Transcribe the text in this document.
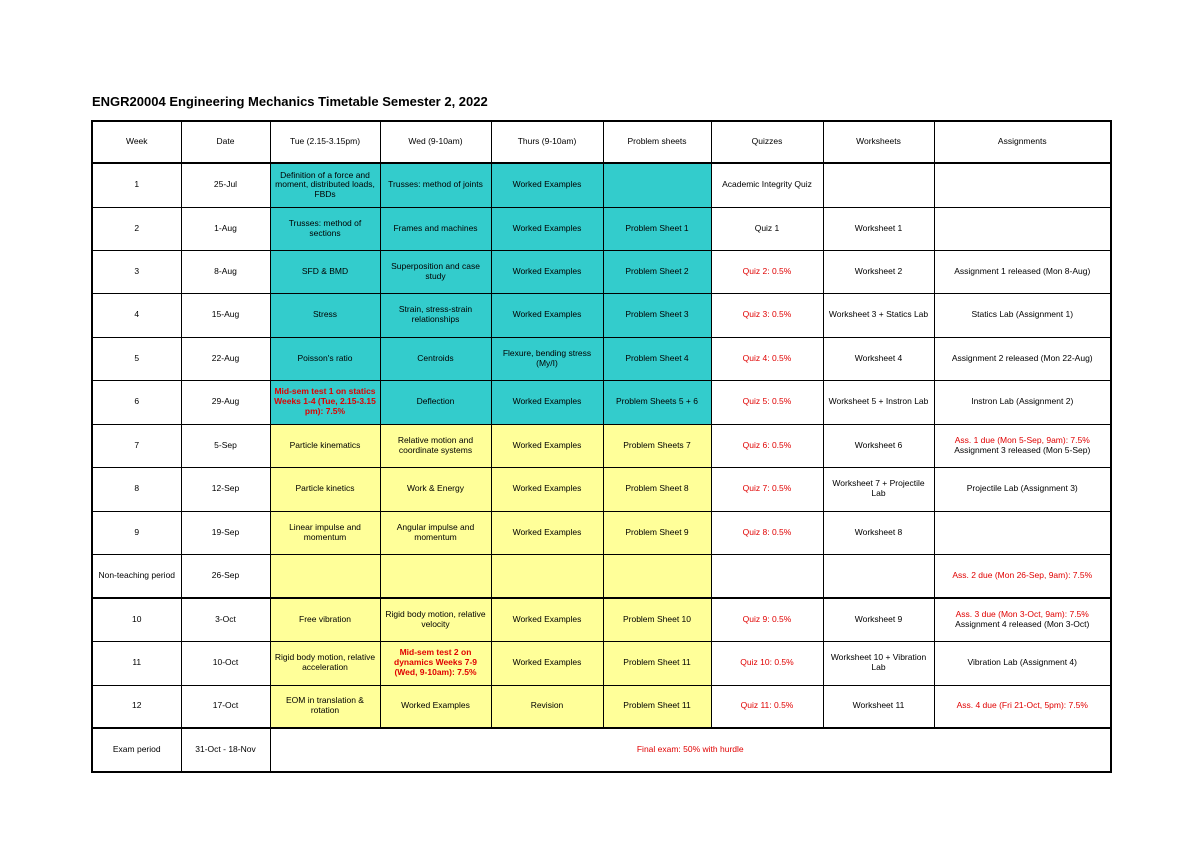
ENGR20004 Engineering Mechanics Timetable Semester 2, 2022
Week	Date	Tue (2.15-3.15pm)	Wed (9-10am)	Thurs (9-10am)	Problem sheets	Quizzes	Worksheets	Assignments
1	25-Jul	Definition of a force and moment, distributed loads, FBDs	Trusses: method of joints	Worked Examples		Academic Integrity Quiz		
2	1-Aug	Trusses: method of sections	Frames and machines	Worked Examples	Problem Sheet 1	Quiz 1	Worksheet 1	
3	8-Aug	SFD & BMD	Superposition and case study	Worked Examples	Problem Sheet 2	Quiz 2: 0.5%	Worksheet 2	Assignment 1 released (Mon 8-Aug)
4	15-Aug	Stress	Strain, stress-strain relationships	Worked Examples	Problem Sheet 3	Quiz 3: 0.5%	Worksheet 3 + Statics Lab	Statics Lab (Assignment 1)
5	22-Aug	Poisson's ratio	Centroids	Flexure, bending stress (My/I)	Problem Sheet 4	Quiz 4: 0.5%	Worksheet 4	Assignment 2 released (Mon 22-Aug)
6	29-Aug	Mid-sem test 1 on statics Weeks 1-4 (Tue, 2.15-3.15 pm): 7.5%	Deflection	Worked Examples	Problem Sheets 5 + 6	Quiz 5: 0.5%	Worksheet 5 + Instron Lab	Instron Lab (Assignment 2)
7	5-Sep	Particle kinematics	Relative motion and coordinate systems	Worked Examples	Problem Sheets 7	Quiz 6: 0.5%	Worksheet 6	Ass. 1 due (Mon 5-Sep, 9am): 7.5%
Assignment 3 released (Mon 5-Sep)
8	12-Sep	Particle kinetics	Work & Energy	Worked Examples	Problem Sheet 8	Quiz 7: 0.5%	Worksheet 7 + Projectile Lab	Projectile Lab (Assignment 3)
9	19-Sep	Linear impulse and momentum	Angular impulse and momentum	Worked Examples	Problem Sheet 9	Quiz 8: 0.5%	Worksheet 8	
Non-teaching period	26-Sep							Ass. 2 due (Mon 26-Sep, 9am): 7.5%
10	3-Oct	Free vibration	Rigid body motion, relative velocity	Worked Examples	Problem Sheet 10	Quiz 9: 0.5%	Worksheet 9	Ass. 3 due (Mon 3-Oct, 9am): 7.5%
Assignment 4 released (Mon 3-Oct)
11	10-Oct	Rigid body motion, relative acceleration	Mid-sem test 2 on dynamics Weeks 7-9 (Wed, 9-10am): 7.5%	Worked Examples	Problem Sheet 11	Quiz 10: 0.5%	Worksheet 10 + Vibration Lab	Vibration Lab (Assignment 4)
12	17-Oct	EOM in translation & rotation	Worked Examples	Revision	Problem Sheet 11	Quiz 11: 0.5%	Worksheet 11	Ass. 4 due (Fri 21-Oct, 5pm): 7.5%
Exam period	31-Oct - 18-Nov	Final exam: 50% with hurdle						
